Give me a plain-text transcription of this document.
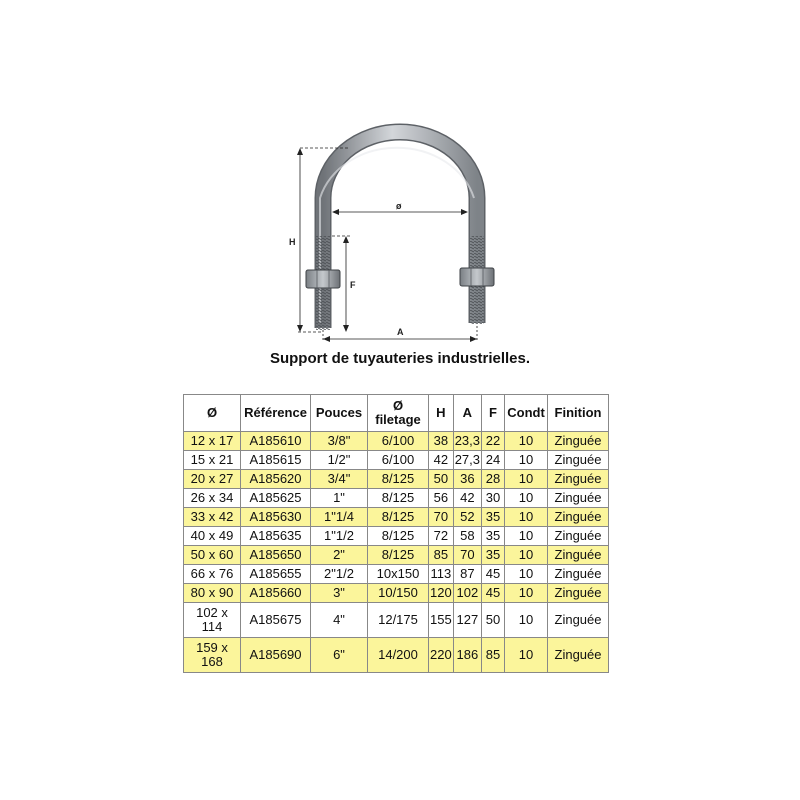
H
F
ø
A
Support de tuyauteries industrielles.
Ø	Référence	Pouces	Ø filetage	H	A	F	Condt	Finition
12 x 17	A185610	3/8"	6/100	38	23,3	22	10	Zinguée
15 x 21	A185615	1/2"	6/100	42	27,3	24	10	Zinguée
20 x 27	A185620	3/4"	8/125	50	36	28	10	Zinguée
26 x 34	A185625	1"	8/125	56	42	30	10	Zinguée
33 x 42	A185630	1"1/4	8/125	70	52	35	10	Zinguée
40 x 49	A185635	1"1/2	8/125	72	58	35	10	Zinguée
50 x 60	A185650	2"	8/125	85	70	35	10	Zinguée
66 x 76	A185655	2"1/2	10x150	113	87	45	10	Zinguée
80 x 90	A185660	3"	10/150	120	102	45	10	Zinguée
102 x 114	A185675	4"	12/175	155	127	50	10	Zinguée
159 x 168	A185690	6"	14/200	220	186	85	10	Zinguée
